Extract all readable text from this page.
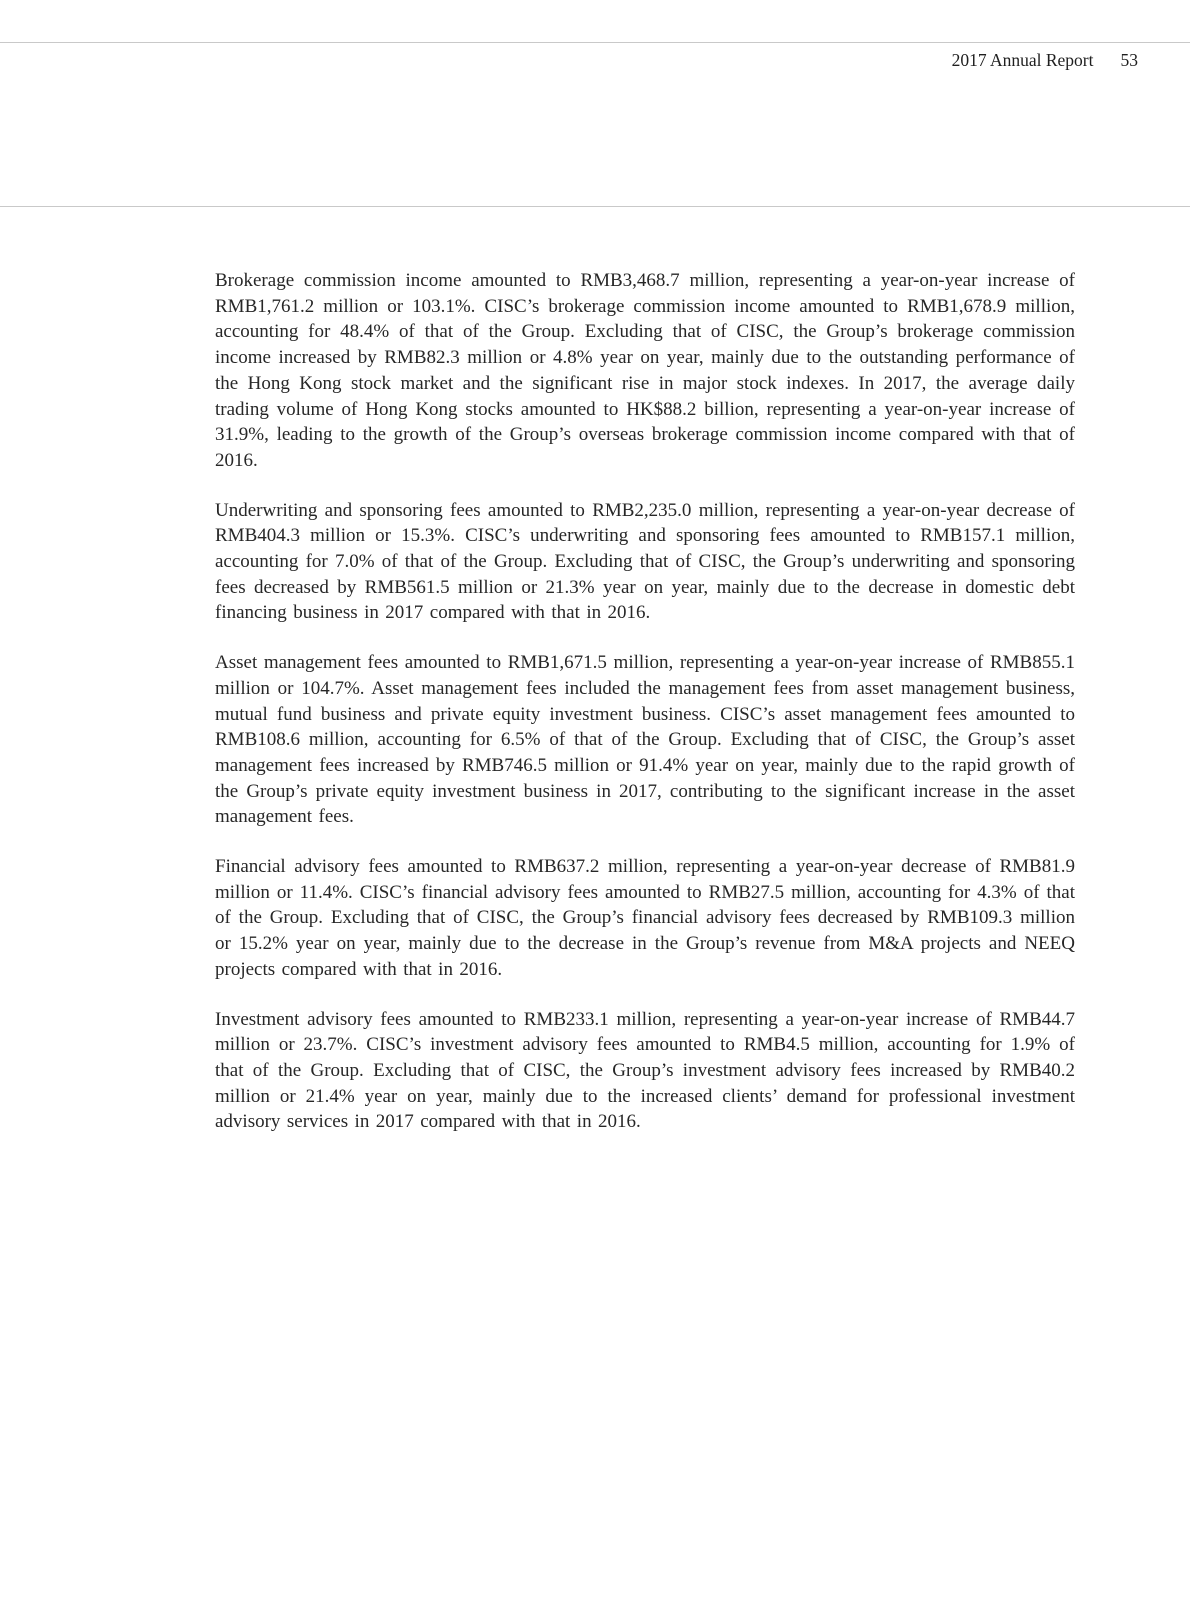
2017 Annual Report 53

Brokerage commission income amounted to RMB3,468.7 million, representing a year-on-year increase of RMB1,761.2 million or 103.1%. CISC’s brokerage commission income amounted to RMB1,678.9 million, accounting for 48.4% of that of the Group. Excluding that of CISC, the Group’s brokerage commission income increased by RMB82.3 million or 4.8% year on year, mainly due to the outstanding performance of the Hong Kong stock market and the significant rise in major stock indexes. In 2017, the average daily trading volume of Hong Kong stocks amounted to HK$88.2 billion, representing a year-on-year increase of 31.9%, leading to the growth of the Group’s overseas brokerage commission income compared with that of 2016.

Underwriting and sponsoring fees amounted to RMB2,235.0 million, representing a year-on-year decrease of RMB404.3 million or 15.3%. CISC’s underwriting and sponsoring fees amounted to RMB157.1 million, accounting for 7.0% of that of the Group. Excluding that of CISC, the Group’s underwriting and sponsoring fees decreased by RMB561.5 million or 21.3% year on year, mainly due to the decrease in domestic debt financing business in 2017 compared with that in 2016.

Asset management fees amounted to RMB1,671.5 million, representing a year-on-year increase of RMB855.1 million or 104.7%. Asset management fees included the management fees from asset management business, mutual fund business and private equity investment business. CISC’s asset management fees amounted to RMB108.6 million, accounting for 6.5% of that of the Group. Excluding that of CISC, the Group’s asset management fees increased by RMB746.5 million or 91.4% year on year, mainly due to the rapid growth of the Group’s private equity investment business in 2017, contributing to the significant increase in the asset management fees.

Financial advisory fees amounted to RMB637.2 million, representing a year-on-year decrease of RMB81.9 million or 11.4%. CISC’s financial advisory fees amounted to RMB27.5 million, accounting for 4.3% of that of the Group. Excluding that of CISC, the Group’s financial advisory fees decreased by RMB109.3 million or 15.2% year on year, mainly due to the decrease in the Group’s revenue from M&A projects and NEEQ projects compared with that in 2016.

Investment advisory fees amounted to RMB233.1 million, representing a year-on-year increase of RMB44.7 million or 23.7%. CISC’s investment advisory fees amounted to RMB4.5 million, accounting for 1.9% of that of the Group. Excluding that of CISC, the Group’s investment advisory fees increased by RMB40.2 million or 21.4% year on year, mainly due to the increased clients’ demand for professional investment advisory services in 2017 compared with that in 2016.
